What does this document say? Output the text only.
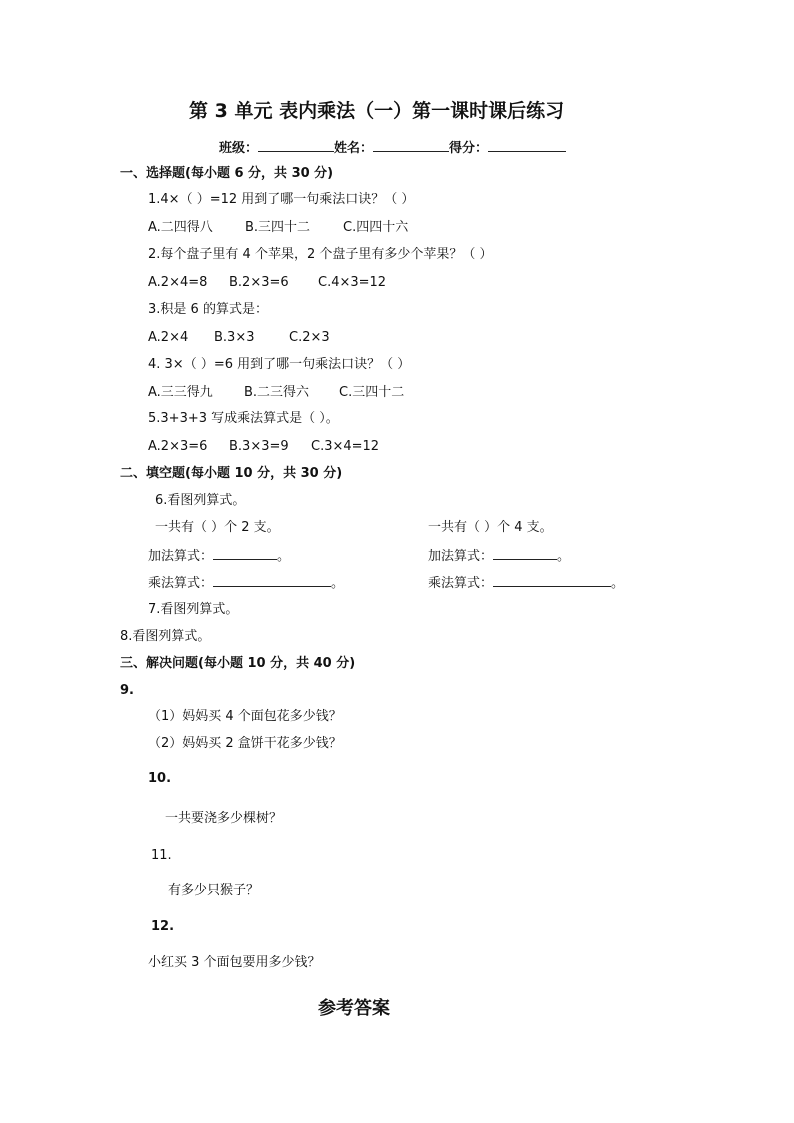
第 3 单元 表内乘法（一）第一课时课后练习
班级：	姓名：	得分：
一、选择题(每小题 6 分，共 30 分)
1.4×（ ）=12 用到了哪一句乘法口诀？（ ）
A.二四得八 B.三四十二	C.四四十六
2.每个盘子里有 4 个苹果，2 个盘子里有多少个苹果？（ ）
A.2×4=8 B.2×3=6 C.4×3=12
3.积是 6 的算式是：
A.2×4 B.3×3	C.2×3
4. 3×（ ）=6 用到了哪一句乘法口诀？（ ）
A.三三得九 B.二三得六 C.三四十二
5.3+3+3 写成乘法算式是（ ）。
A.2×3=6 B.3×3=9 C.3×4=12
二、填空题(每小题 10 分，共 30 分)
6.看图列算式。
一共有（ ）个 2 支。	一共有（ ）个 4 支。
加法算式：	。	加法算式：	。
乘法算式：	。	乘法算式：	。
7.看图列算式。
8.看图列算式。
三、解决问题(每小题 10 分，共 40 分)
9.
（1）妈妈买 4 个面包花多少钱？
（2）妈妈买 2 盒饼干花多少钱？
10.
一共要浇多少棵树？
11.
有多少只猴子？
12.
小红买 3 个面包要用多少钱？
参考答案
